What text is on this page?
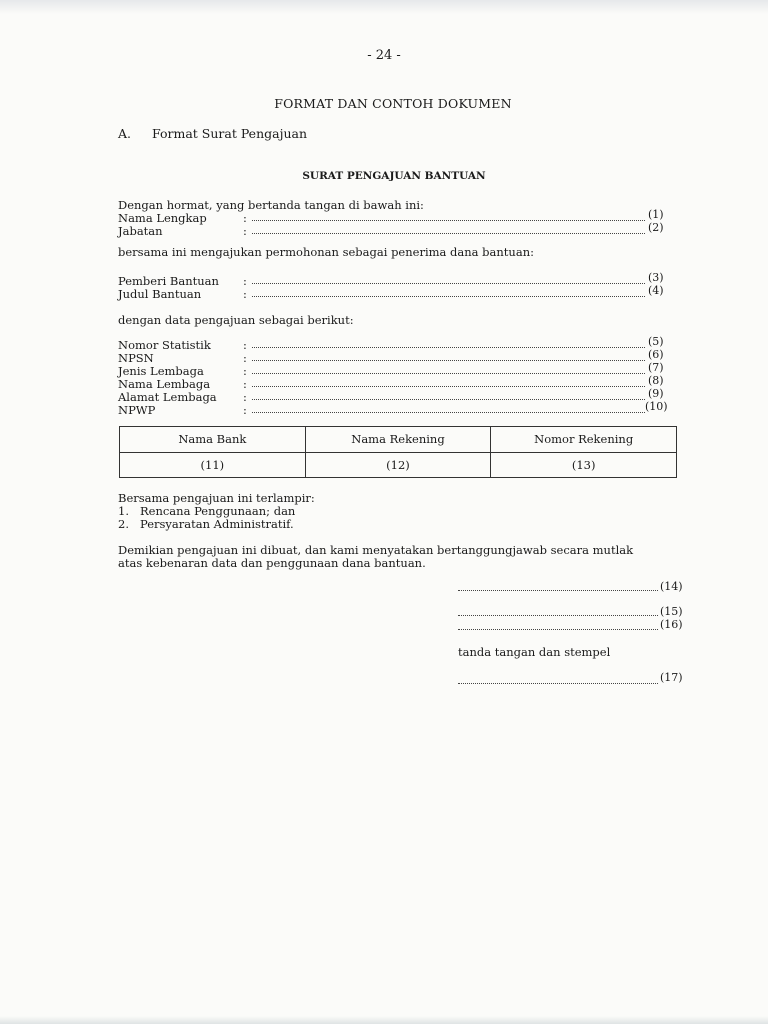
- 24 -
FORMAT DAN CONTOH DOKUMEN
A. Format Surat Pengajuan
SURAT PENGAJUAN BANTUAN
Dengan hormat, yang bertanda tangan di bawah ini:
Nama Lengkap	:	(1)
Jabatan	:	(2)
bersama ini mengajukan permohonan sebagai penerima dana bantuan:
Pemberi Bantuan :	(3)
Judul Bantuan	:	(4)
dengan data pengajuan sebagai berikut:
Nomor Statistik	:	(5)
NPSN	:	(6)
Jenis Lembaga	:	(7)
Nama Lembaga	:	(8)
Alamat Lembaga :	(9)
NPWP	:	(10)
Nama Bank	Nama Rekening	Nomor Rekening
(11)	(12)	(13)
Bersama pengajuan ini terlampir:
1. Rencana Penggunaan; dan
2. Persyaratan Administratif.
Demikian pengajuan ini dibuat, dan kami menyatakan bertanggungjawab secara mutlak
atas kebenaran data dan penggunaan dana bantuan.
(14)
(15)
(16)
tanda tangan dan stempel
(17)
